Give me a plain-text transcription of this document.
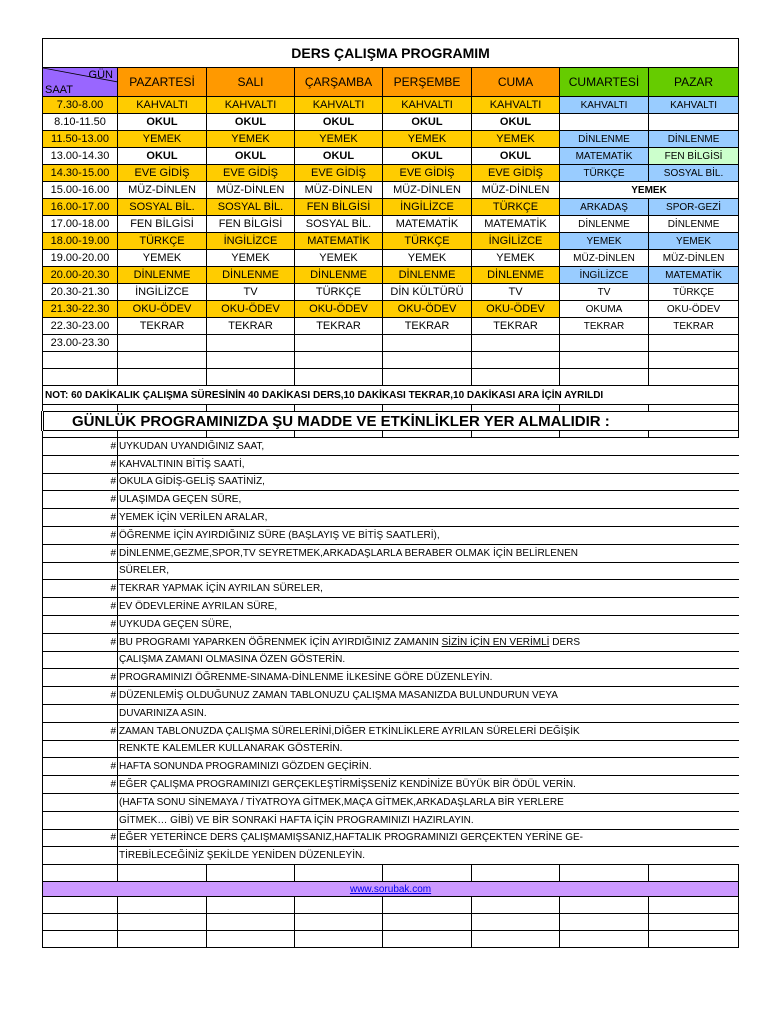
DERS ÇALIŞMA PROGRAMIM							

GÜN
SAAT	PAZARTESİ	SALI	ÇARŞAMBA	PERŞEMBE	CUMA	CUMARTESİ	PAZAR
7.30-8.00	KAHVALTI	KAHVALTI	KAHVALTI	KAHVALTI	KAHVALTI	KAHVALTI	KAHVALTI
8.10-11.50	OKUL	OKUL	OKUL	OKUL	OKUL		
11.50-13.00	YEMEK	YEMEK	YEMEK	YEMEK	YEMEK	DİNLENME	DİNLENME
13.00-14.30	OKUL	OKUL	OKUL	OKUL	OKUL	MATEMATİK	FEN BİLGİSİ
14.30-15.00	EVE GİDİŞ	EVE GİDİŞ	EVE GİDİŞ	EVE GİDİŞ	EVE GİDİŞ	TÜRKÇE	SOSYAL BİL.
15.00-16.00	MÜZ-DİNLEN	MÜZ-DİNLEN	MÜZ-DİNLEN	MÜZ-DİNLEN	MÜZ-DİNLEN	YEMEK	
16.00-17.00	SOSYAL BİL.	SOSYAL BİL.	FEN BİLGİSİ	İNGİLİZCE	TÜRKÇE	ARKADAŞ	SPOR-GEZİ
17.00-18.00	FEN BİLGİSİ	FEN BİLGİSİ	SOSYAL BİL.	MATEMATİK	MATEMATİK	DİNLENME	DİNLENME
18.00-19.00	TÜRKÇE	İNGİLİZCE	MATEMATİK	TÜRKÇE	İNGİLİZCE	YEMEK	YEMEK
19.00-20.00	YEMEK	YEMEK	YEMEK	YEMEK	YEMEK	MÜZ-DİNLEN	MÜZ-DİNLEN
20.00-20.30	DİNLENME	DİNLENME	DİNLENME	DİNLENME	DİNLENME	İNGİLİZCE	MATEMATİK
20.30-21.30	İNGİLİZCE	TV	TÜRKÇE	DİN KÜLTÜRÜ	TV	TV	TÜRKÇE
21.30-22.30	OKU-ÖDEV	OKU-ÖDEV	OKU-ÖDEV	OKU-ÖDEV	OKU-ÖDEV	OKUMA	OKU-ÖDEV
22.30-23.00	TEKRAR	TEKRAR	TEKRAR	TEKRAR	TEKRAR	TEKRAR	TEKRAR
23.00-23.30							

NOT: 60 DAKİKALIK ÇALIŞMA SÜRESİNİN 40 DAKİKASI DERS,10 DAKİKASI TEKRAR,10 DAKİKASI ARA İÇİN AYRILDI							

GÜNLÜK PROGRAMINIZDA ŞU MADDE VE ETKİNLİKLER YER ALMALIDIR :							

#	UYKUDAN UYANDIĞINIZ SAAT,						
#	KAHVALTININ BİTİŞ SAATİ,						
#	OKULA GİDİŞ-GELİŞ SAATİNİZ,						
#	ULAŞIMDA GEÇEN SÜRE,						
#	YEMEK İÇİN VERİLEN ARALAR,						
#	ÖĞRENME İÇİN AYIRDIĞINIZ SÜRE (BAŞLAYIŞ VE BİTİŞ SAATLERİ),						
#	DİNLENME,GEZME,SPOR,TV SEYRETMEK,ARKADAŞLARLA BERABER OLMAK İÇİN BELİRLENEN						
	SÜRELER,						
#	TEKRAR YAPMAK İÇİN AYRILAN SÜRELER,						
#	EV ÖDEVLERİNE AYRILAN SÜRE,						
#	UYKUDA GEÇEN SÜRE,						
#	BU PROGRAMI YAPARKEN ÖĞRENMEK İÇİN AYIRDIĞINIZ ZAMANIN SİZİN İÇİN EN VERİMLİ DERS						
	ÇALIŞMA ZAMANI OLMASINA ÖZEN GÖSTERİN.						
#	PROGRAMINIZI ÖĞRENME-SINAMA-DİNLENME İLKESİNE GÖRE DÜZENLEYİN.						
#	DÜZENLEMİŞ OLDUĞUNUZ ZAMAN TABLONUZU ÇALIŞMA MASANIZDA BULUNDURUN VEYA						
	DUVARINIZA ASIN.						
#	ZAMAN TABLONUZDA ÇALIŞMA SÜRELERİNİ,DİĞER ETKİNLİKLERE AYRILAN SÜRELERİ DEĞİŞİK						
	RENKTE KALEMLER KULLANARAK GÖSTERİN.						
#	HAFTA SONUNDA PROGRAMINIZI GÖZDEN GEÇİRİN.						
#	EĞER ÇALIŞMA PROGRAMINIZI GERÇEKLEŞTİRMİŞSENİZ KENDİNİZE BÜYÜK BİR ÖDÜL VERİN.						
	(HAFTA SONU SİNEMAYA / TİYATROYA GİTMEK,MAÇA GİTMEK,ARKADAŞLARLA BİR YERLERE						
	GİTMEK… GİBİ) VE BİR SONRAKİ HAFTA İÇİN PROGRAMINIZI HAZIRLAYIN.						
#	EĞER YETERİNCE DERS ÇALIŞMAMIŞSANIZ,HAFTALIK PROGRAMINIZI GERÇEKTEN YERİNE GE-						
	TİREBİLECEĞİNİZ ŞEKİLDE YENİDEN DÜZENLEYİN.						

www.sorubak.com							
